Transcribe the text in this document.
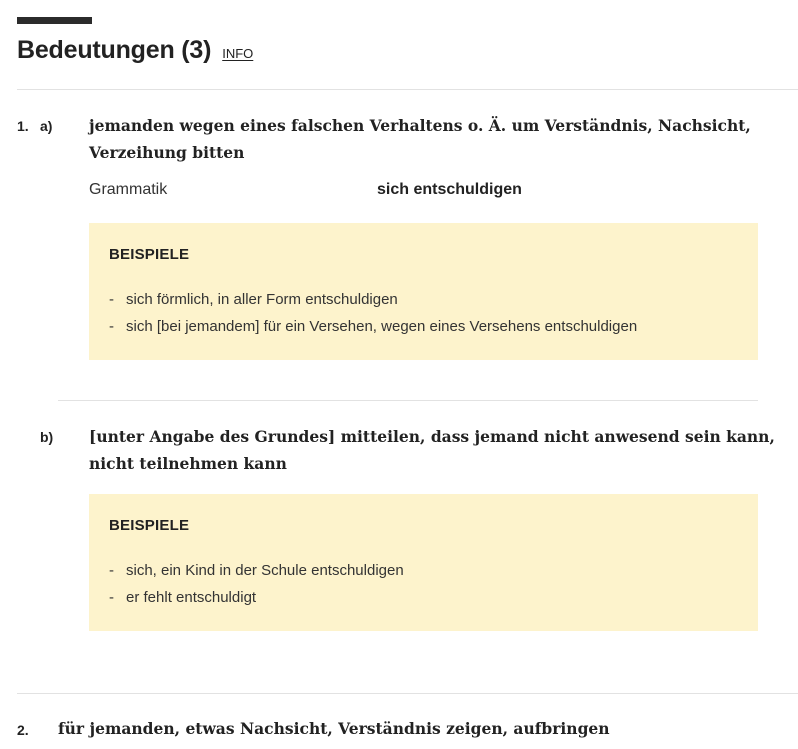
Bedeutungen (3) INFO
1. a) jemanden wegen eines falschen Verhaltens o. Ä. um Verständnis, Nachsicht,
Verzeihung bitten
Grammatik	sich entschuldigen
BEISPIELE
- sich förmlich, in aller Form entschuldigen
- sich [bei jemandem] für ein Versehen, wegen eines Versehens entschuldigen
b) [unter Angabe des Grundes] mitteilen, dass jemand nicht anwesend sein kann,
nicht teilnehmen kann
BEISPIELE
- sich, ein Kind in der Schule entschuldigen
- er fehlt entschuldigt
2. für jemanden, etwas Nachsicht, Verständnis zeigen, aufbringen
